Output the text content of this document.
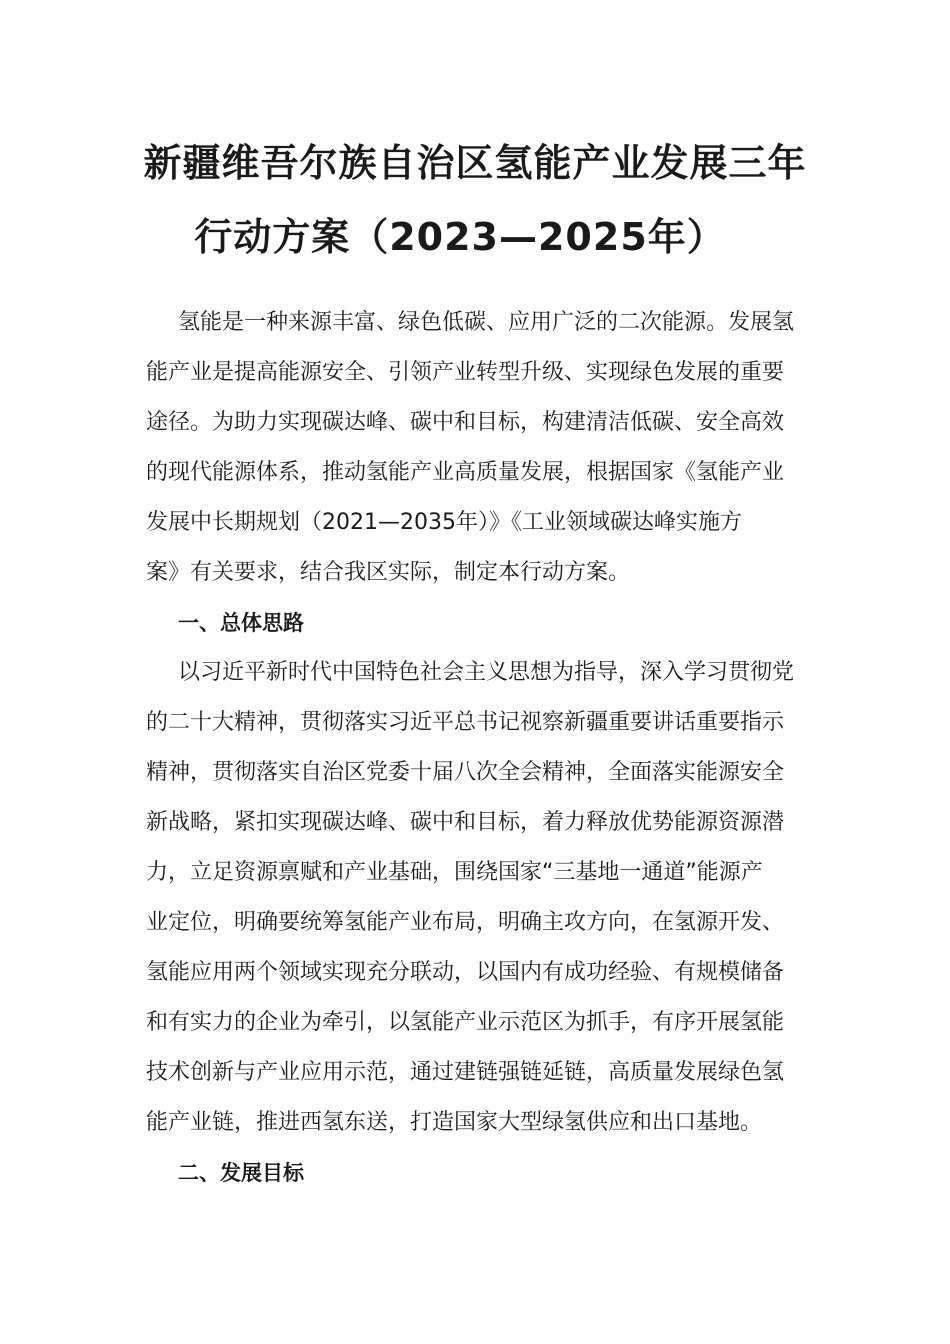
新疆维吾尔族自治区氢能产业发展三年
行动方案（2023—2025年）

氢能是一种来源丰富、绿色低碳、应用广泛的二次能源。发展氢

能产业是提高能源安全、引领产业转型升级、实现绿色发展的重要

途径。为助力实现碳达峰、碳中和目标，构建清洁低碳、安全高效

的现代能源体系，推动氢能产业高质量发展，根据国家《氢能产业

发展中长期规划（2021—2035年）》《工业领域碳达峰实施方

案》有关要求，结合我区实际，制定本行动方案。

一、总体思路

以习近平新时代中国特色社会主义思想为指导，深入学习贯彻党

的二十大精神，贯彻落实习近平总书记视察新疆重要讲话重要指示

精神，贯彻落实自治区党委十届八次全会精神，全面落实能源安全

新战略，紧扣实现碳达峰、碳中和目标，着力释放优势能源资源潜

力，立足资源禀赋和产业基础，围绕国家“三基地一通道”能源产

业定位，明确要统筹氢能产业布局，明确主攻方向，在氢源开发、

氢能应用两个领域实现充分联动，以国内有成功经验、有规模储备

和有实力的企业为牵引，以氢能产业示范区为抓手，有序开展氢能

技术创新与产业应用示范，通过建链强链延链，高质量发展绿色氢

能产业链，推进西氢东送，打造国家大型绿氢供应和出口基地。

二、发展目标
